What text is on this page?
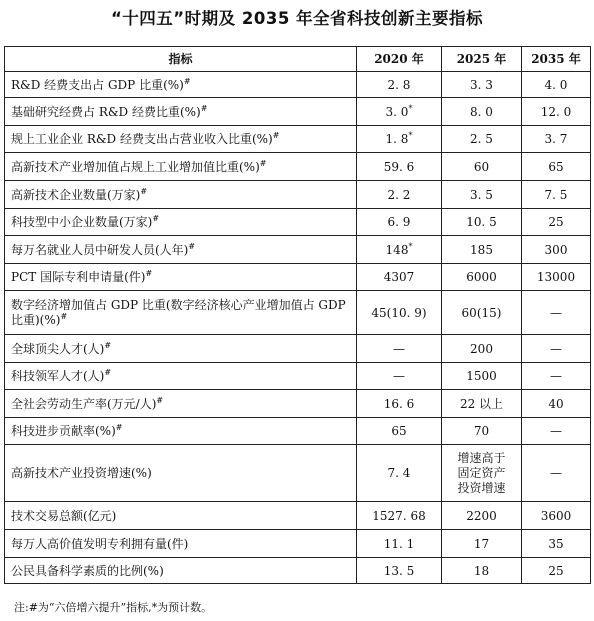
“十四五”时期及 2035 年全省科技创新主要指标
指标	2020 年	2025 年	2035 年
R&D 经费支出占 GDP 比重(%)#	2. 8	3. 3	4. 0
基础研究经费占 R&D 经费比重(%)#	3. 0*	8. 0	12. 0
规上工业企业 R&D 经费支出占营业收入比重(%)#	1. 8*	2. 5	3. 7
高新技术产业增加值占规上工业增加值比重(%)#	59. 6	60	65
高新技术企业数量(万家)#	2. 2	3. 5	7. 5
科技型中小企业数量(万家)#	6. 9	10. 5	25
每万名就业人员中研发人员(人年)#	148*	185	300
PCT 国际专利申请量(件)#	4307	6000	13000
数字经济增加值占 GDP 比重(数字经济核心产业增加值占 GDP 比重)(%)#	45(10. 9)	60(15)	—
全球顶尖人才(人)#	—	200	—
科技领军人才(人)#	—	1500	—
全社会劳动生产率(万元/人)#	16. 6	22 以上	40
科技进步贡献率(%)#	65	70	—
高新技术产业投资增速(%)	7. 4	增速高于固定资产投资增速	—
技术交易总额(亿元)	1527. 68	2200	3600
每万人高价值发明专利拥有量(件)	11. 1	17	35
公民具备科学素质的比例(%)	13. 5	18	25
注:#为“六倍增六提升”指标,*为预计数。
